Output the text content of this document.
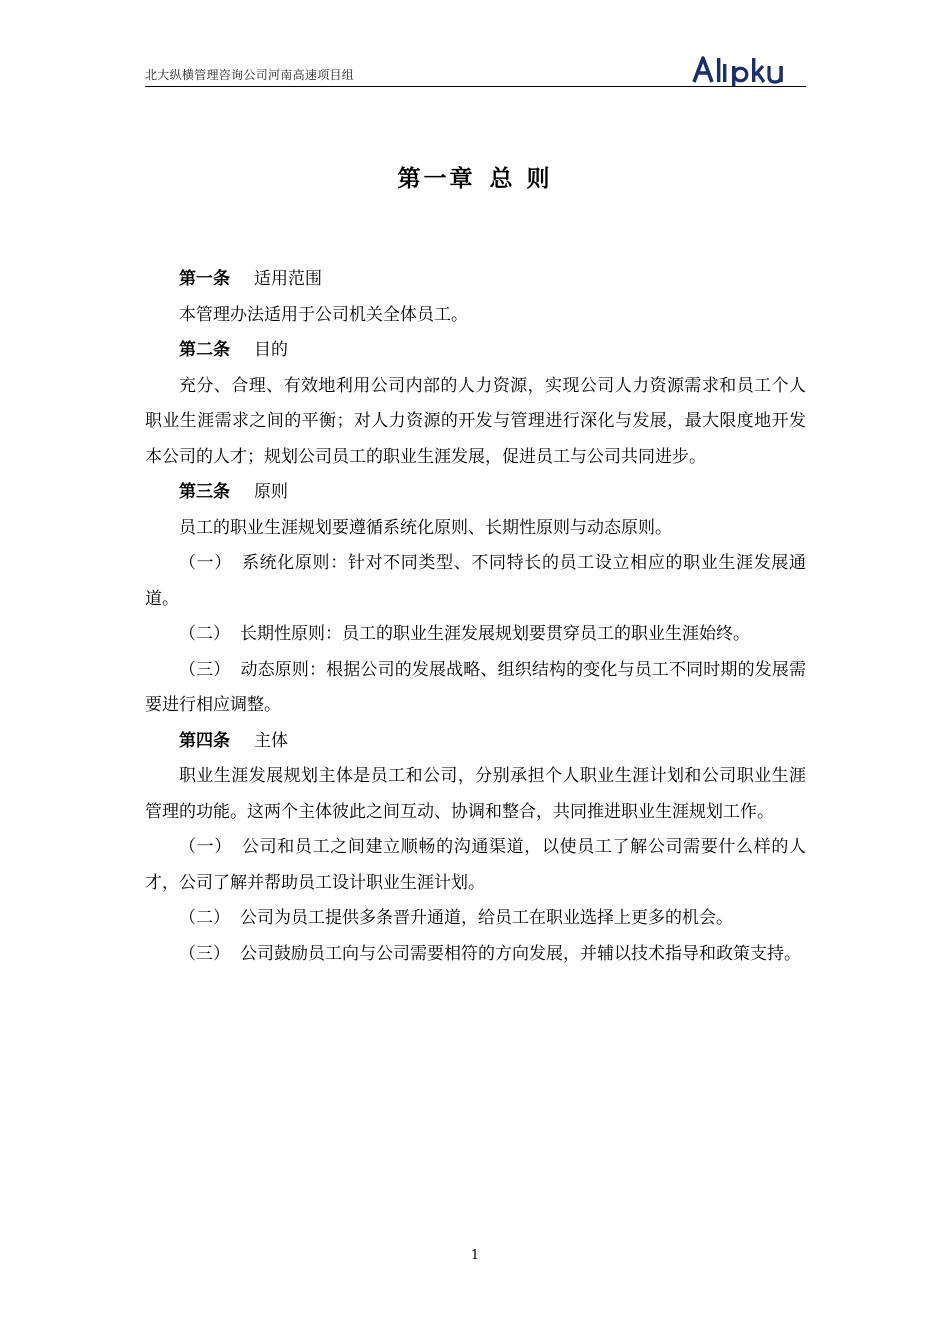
北大纵横管理咨询公司河南高速项目组
第一章 总 则

第一条 适用范围

本管理办法适用于公司机关全体员工。

第二条 目的

充分、合理、有效地利用公司内部的人力资源，实现公司人力资源需求和员工个人职业生涯需求之间的平衡；对人力资源的开发与管理进行深化与发展，最大限度地开发本公司的人才；规划公司员工的职业生涯发展，促进员工与公司共同进步。

第三条 原则

员工的职业生涯规划要遵循系统化原则、长期性原则与动态原则。

（一） 系统化原则：针对不同类型、不同特长的员工设立相应的职业生涯发展通道。

（二） 长期性原则：员工的职业生涯发展规划要贯穿员工的职业生涯始终。

（三） 动态原则：根据公司的发展战略、组织结构的变化与员工不同时期的发展需要进行相应调整。

第四条 主体

职业生涯发展规划主体是员工和公司，分别承担个人职业生涯计划和公司职业生涯管理的功能。这两个主体彼此之间互动、协调和整合，共同推进职业生涯规划工作。

（一） 公司和员工之间建立顺畅的沟通渠道，以使员工了解公司需要什么样的人才，公司了解并帮助员工设计职业生涯计划。

（二） 公司为员工提供多条晋升通道，给员工在职业选择上更多的机会。

（三） 公司鼓励员工向与公司需要相符的方向发展，并辅以技术指导和政策支持。

1
